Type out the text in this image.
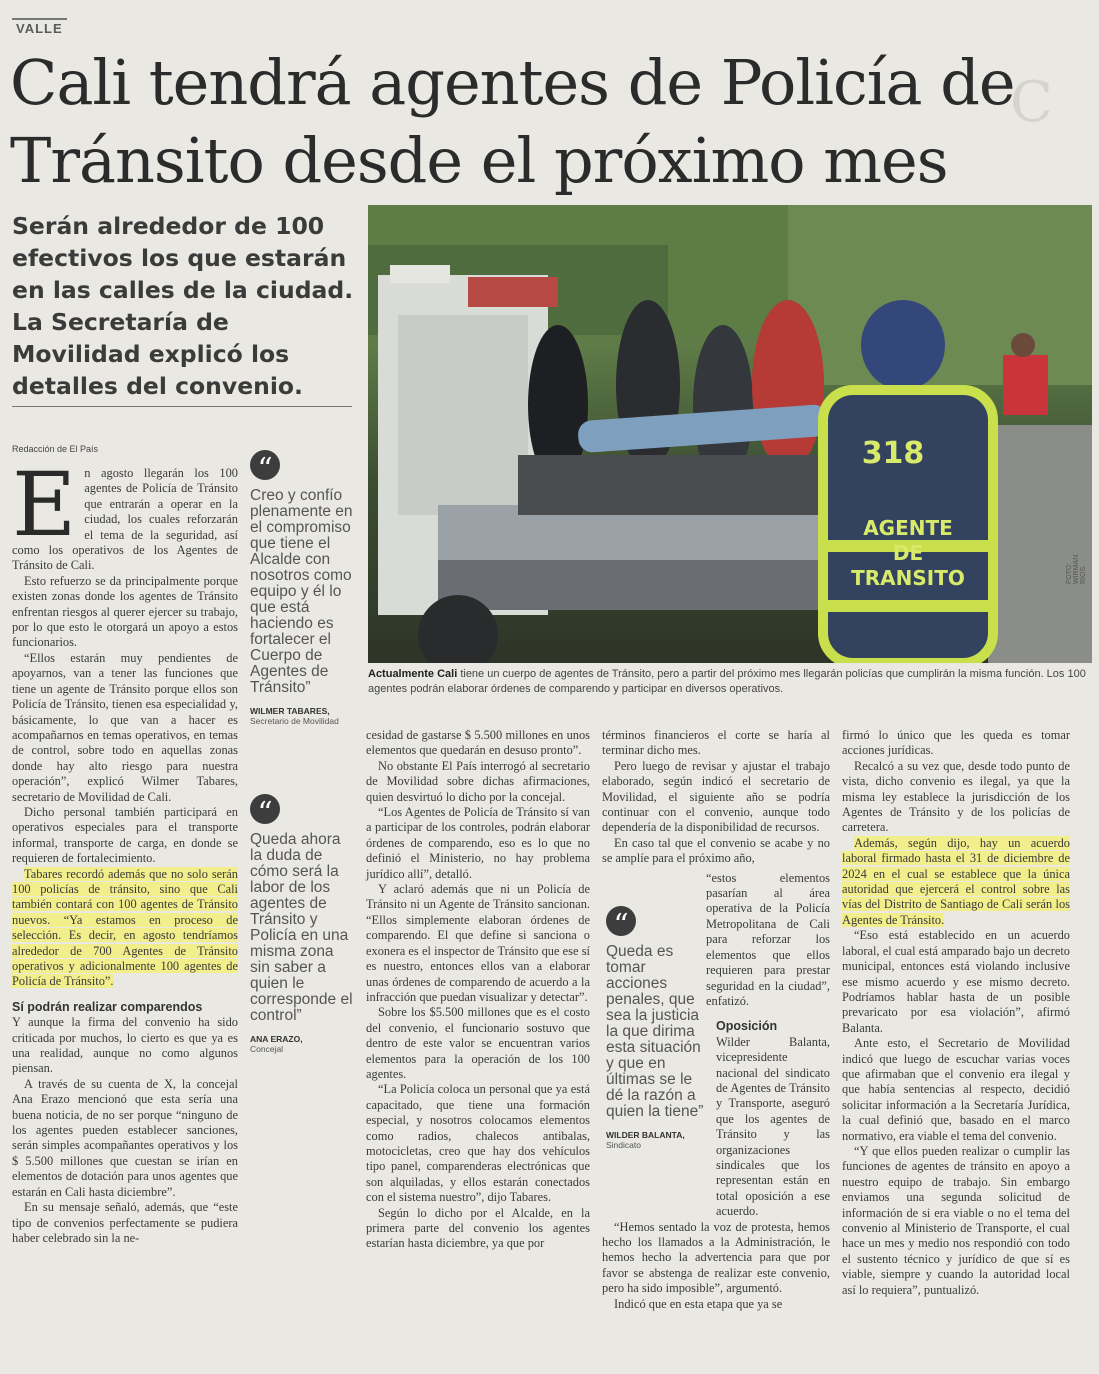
C
VALLE
Cali tendrá agentes de Policía de Tránsito desde el próximo mes
Serán alrededor de 100 efectivos los que estarán en las calles de la ciudad. La Secretaría de Movilidad explicó los detalles del convenio.
318
AGENTE
DE
TRANSITO	FOTO: WIRMAN RÍOS.
Actualmente Cali tiene un cuerpo de agentes de Tránsito, pero a partir del próximo mes llegarán policías que cumplirán la misma función. Los 100 agentes podrán elaborar órdenes de comparendo y participar en diversos operativos.
Redacción de El País

En agosto llegarán los 100 agentes de Policía de Tránsito que entrarán a operar en la ciudad, los cuales reforzarán el tema de la seguridad, así como los operativos de los Agentes de Tránsito de Cali.

Esto refuerzo se da principalmente porque existen zonas donde los agentes de Tránsito enfrentan riesgos al querer ejercer su trabajo, por lo que esto le otorgará un apoyo a estos funcionarios.

“Ellos estarán muy pendientes de apoyarnos, van a tener las funciones que tiene un agente de Tránsito porque ellos son Policía de Tránsito, tienen esa especialidad y, básicamente, lo que van a hacer es acompañarnos en temas operativos, en temas de control, sobre todo en aquellas zonas donde hay alto riesgo para nuestra operación”, explicó Wilmer Tabares, secretario de Movilidad de Cali.

Dicho personal también participará en operativos especiales para el transporte informal, transporte de carga, en donde se requieren de fortalecimiento.

Tabares recordó además que no solo serán 100 policías de tránsito, sino que Cali también contará con 100 agentes de Tránsito nuevos. “Ya estamos en proceso de selección. Es decir, en agosto tendríamos alrededor de 700 Agentes de Tránsito operativos y adicionalmente 100 agentes de Policía de Tránsito”.

Sí podrán realizar comparendos

Y aunque la firma del convenio ha sido criticada por muchos, lo cierto es que ya es una realidad, aunque no como algunos piensan.

A través de su cuenta de X, la concejal Ana Erazo mencionó que esta sería una buena noticia, de no ser porque “ninguno de los agentes pueden establecer sanciones, serán simples acompañantes operativos y los $ 5.500 millones que cuestan se irían en elementos de dotación para unos agentes que estarán en Cali hasta diciembre”.

En su mensaje señaló, además, que “este tipo de convenios perfectamente se pudiera haber celebrado sin la ne-

“
Creo y confío plenamente en el compromiso que tiene el Alcalde con nosotros como equipo y él lo que está haciendo es fortalecer el Cuerpo de Agentes de Tránsito”
WILMER TABARES,
Secretario de Movilidad
“
Queda ahora la duda de cómo será la labor de los agentes de Tránsito y Policía en una misma zona sin saber a quien le corresponde el control”
ANA ERAZO,
Concejal

cesidad de gastarse $ 5.500 millones en unos elementos que quedarán en desuso pronto”.

No obstante El País interrogó al secretario de Movilidad sobre dichas afirmaciones, quien desvirtuó lo dicho por la concejal.

“Los Agentes de Policía de Tránsito sí van a participar de los controles, podrán elaborar órdenes de comparendo, eso es lo que no definió el Ministerio, no hay problema jurídico allí”, detalló.

Y aclaró además que ni un Policía de Tránsito ni un Agente de Tránsito sancionan. “Ellos simplemente elaboran órdenes de comparendo. El que define si sanciona o exonera es el inspector de Tránsito que ese sí es nuestro, entonces ellos van a elaborar unas órdenes de comparendo de acuerdo a la infracción que puedan visualizar y detectar”.

Sobre los $5.500 millones que es el costo del convenio, el funcionario sostuvo que dentro de este valor se encuentran varios elementos para la operación de los 100 agentes.

“La Policía coloca un personal que ya está capacitado, que tiene una formación especial, y nosotros colocamos elementos como radios, chalecos antibalas, motocicletas, creo que hay dos vehículos tipo panel, comparenderas electrónicas que son alquiladas, y ellos estarán conectados con el sistema nuestro”, dijo Tabares.

Según lo dicho por el Alcalde, en la primera parte del convenio los agentes estarían hasta diciembre, ya que por

términos financieros el corte se haría al terminar dicho mes.

Pero luego de revisar y ajustar el trabajo elaborado, según indicó el secretario de Movilidad, el siguiente año se podría continuar con el convenio, aunque todo dependería de la disponibilidad de recursos.

En caso tal que el convenio se acabe y no se amplíe para el próximo año,

“estos elementos pasarían al área operativa de la Policía Metropolitana de Cali para reforzar los elementos que ellos requieren para prestar seguridad en la ciudad”, enfatizó.

Oposición

Wilder Balanta, vicepresidente nacional del sindicato de Agentes de Tránsito y Transporte, aseguró que los agentes de Tránsito y las organizaciones sindicales que los representan están en total oposición a ese acuerdo.

“Hemos sentado la voz de protesta, hemos hecho los llamados a la Administración, le hemos hecho la advertencia para que por favor se abstenga de realizar este convenio, pero ha sido imposible”, argumentó.

Indicó que en esta etapa que ya se

“
Queda es tomar acciones penales, que sea la justicia la que dirima esta situación y que en últimas se le dé la razón a quien la tiene”
WILDER BALANTA,
Sindicato

firmó lo único que les queda es tomar acciones jurídicas.

Recalcó a su vez que, desde todo punto de vista, dicho convenio es ilegal, ya que la misma ley establece la jurisdicción de los Agentes de Tránsito y de los policías de carretera.

Además, según dijo, hay un acuerdo laboral firmado hasta el 31 de diciembre de 2024 en el cual se establece que la única autoridad que ejercerá el control sobre las vías del Distrito de Santiago de Cali serán los Agentes de Tránsito.

“Eso está establecido en un acuerdo laboral, el cual está amparado bajo un decreto municipal, entonces está violando inclusive ese mismo acuerdo y ese mismo decreto. Podríamos hablar hasta de un posible prevaricato por esa violación”, afirmó Balanta.

Ante esto, el Secretario de Movilidad indicó que luego de escuchar varias voces que afirmaban que el convenio era ilegal y que había sentencias al respecto, decidió solicitar información a la Secretaría Jurídica, la cual definió que, basado en el marco normativo, era viable el tema del convenio.

“Y que ellos pueden realizar o cumplir las funciones de agentes de tránsito en apoyo a nuestro equipo de trabajo. Sin embargo enviamos una segunda solicitud de información de si era viable o no el tema del convenio al Ministerio de Transporte, el cual hace un mes y medio nos respondió con todo el sustento técnico y jurídico de que sí es viable, siempre y cuando la autoridad local así lo requiera”, puntualizó.
